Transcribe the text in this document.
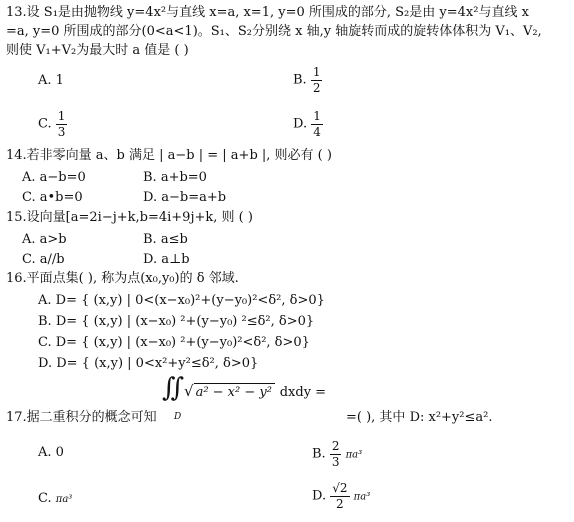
13.设 S₁是由抛物线 y=4x²与直线 x=a, x=1, y=0 所围成的部分, S₂是由 y=4x²与直线 x
=a, y=0 所围成的部分(0<a<1)。S₁、S₂分别绕 x 轴,y 轴旋转而成的旋转体体积为 V₁、V₂,
则使 V₁+V₂为最大时 a 值是 ( )
A. 1	B. $\frac{1}{2}$
C. $\frac{1}{3}$	D. $\frac{1}{4}$
14.若非零向量 a、b 满足 | a−b | = | a+b |, 则必有 ( )
A. a−b=0	B. a+b=0
C. a•b=0	D. a−b=a+b
15.设向量[a=2i−j+k,b=4i+9j+k, 则 ( )
A. a>b	B. a≤b
C. a//b	D. a⊥b
16.平面点集( ), 称为点(x₀,y₀)的 δ 邻域.
A. D= { (x,y) | 0<(x−x₀)²+(y−y₀)²<δ², δ>0}
B. D= { (x,y) | (x−x₀) ²+(y−y₀) ²≤δ², δ>0}
C. D= { (x,y) | (x−x₀) ²+(y−y₀)²<δ², δ>0}
D. D= { (x,y) | 0<x²+y²≤δ², δ>0}
17.据二重积分的概念可知
∬
D
√ a² − x² − y² dxdy =
=( ), 其中 D: x²+y²≤a².
A. 0	B. $\frac{2}{3} \pi a^3$
C. πa³	D. $\frac{√2}{2} \pi a^3$
